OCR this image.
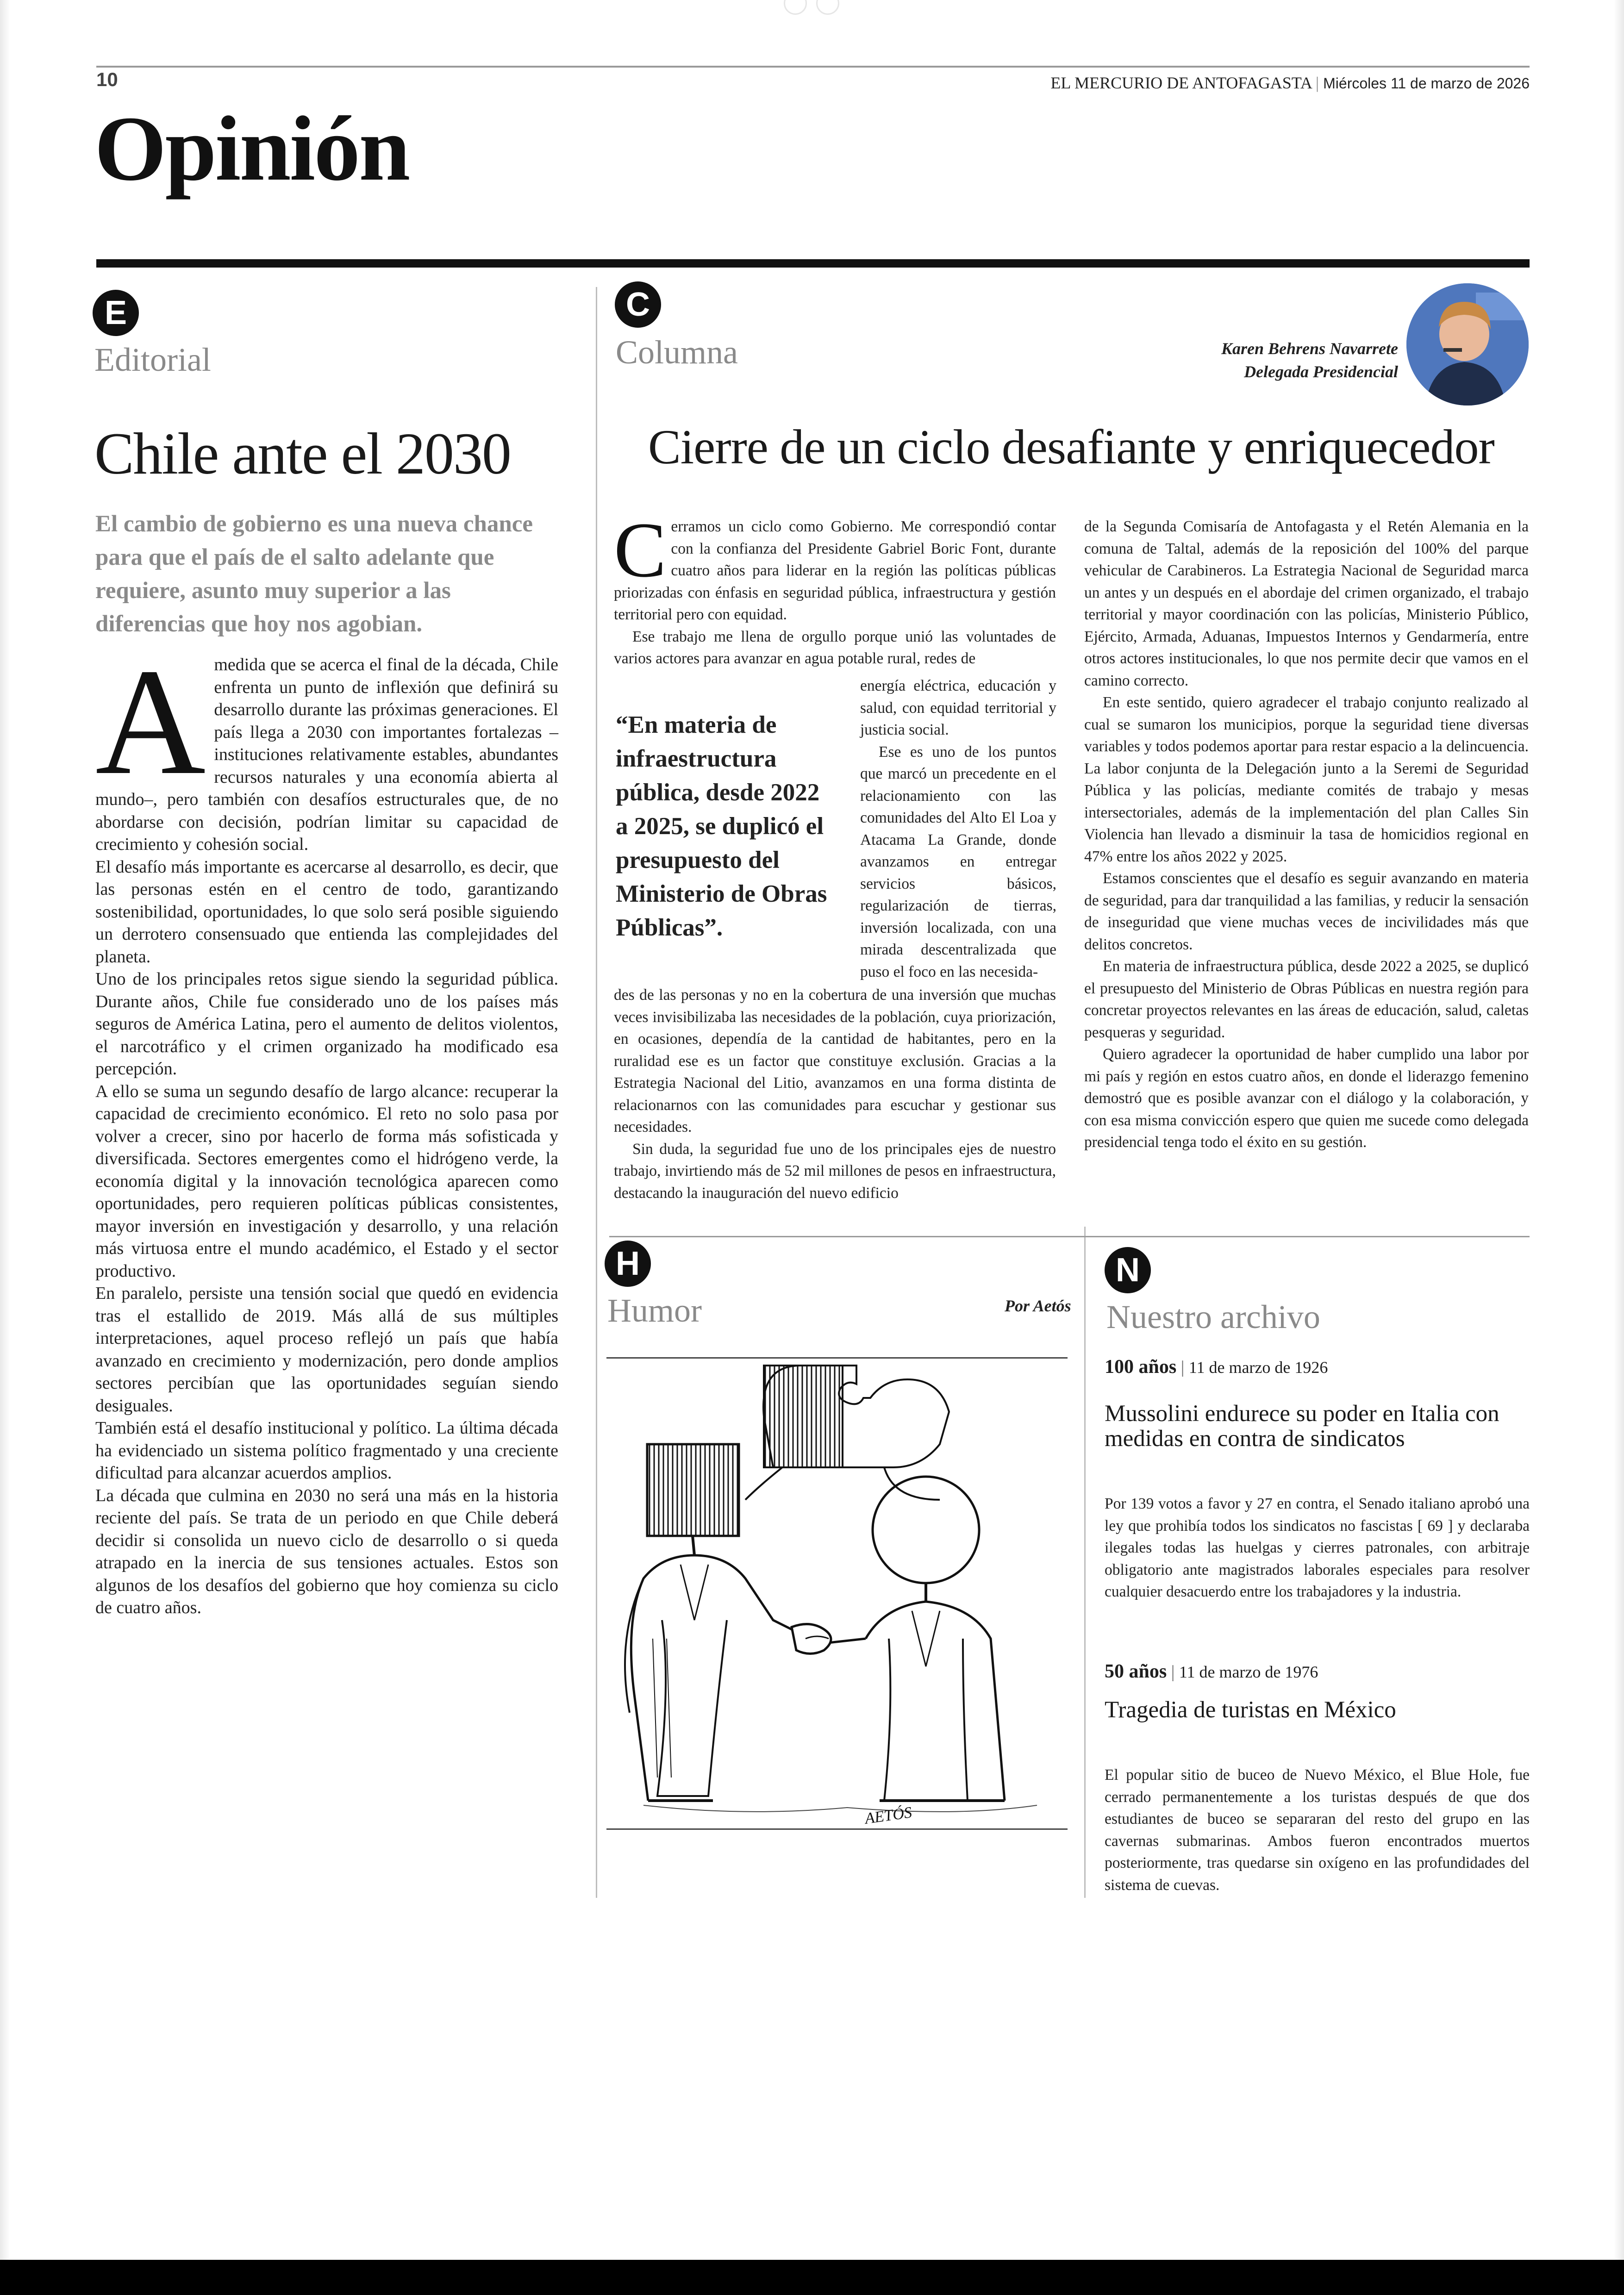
10	EL MERCURIO DE ANTOFAGASTA | Miércoles 11 de marzo de 2026
Opinión
E
Editorial
Chile ante el 2030
El cambio de gobierno es una nueva chance para que el país de el salto adelante que requiere, asunto muy superior a las diferencias que hoy nos agobian.
A medida que se acerca el final de la década, Chile enfrenta un punto de inflexión que definirá su desarrollo durante las próximas generaciones. El país llega a 2030 con importantes fortalezas –instituciones relativamente estables, abundantes recursos naturales y una economía abierta al mundo–, pero también con desafíos estructurales que, de no abordarse con decisión, podrían limitar su capacidad de crecimiento y cohesión social.

El desafío más importante es acercarse al desarrollo, es decir, que las personas estén en el centro de todo, garantizando sostenibilidad, oportunidades, lo que solo será posible siguiendo un derrotero consensuado que entienda las complejidades del planeta.

Uno de los principales retos sigue siendo la seguridad pública. Durante años, Chile fue considerado uno de los países más seguros de América Latina, pero el aumento de delitos violentos, el narcotráfico y el crimen organizado ha modificado esa percepción.

A ello se suma un segundo desafío de largo alcance: recuperar la capacidad de crecimiento económico. El reto no solo pasa por volver a crecer, sino por hacerlo de forma más sofisticada y diversificada. Sectores emergentes como el hidrógeno verde, la economía digital y la innovación tecnológica aparecen como oportunidades, pero requieren políticas públicas consistentes, mayor inversión en investigación y desarrollo, y una relación más virtuosa entre el mundo académico, el Estado y el sector productivo.

En paralelo, persiste una tensión social que quedó en evidencia tras el estallido de 2019. Más allá de sus múltiples interpretaciones, aquel proceso reflejó un país que había avanzado en crecimiento y modernización, pero donde amplios sectores percibían que las oportunidades seguían siendo desiguales.

También está el desafío institucional y político. La última década ha evidenciado un sistema político fragmentado y una creciente dificultad para alcanzar acuerdos amplios.

La década que culmina en 2030 no será una más en la historia reciente del país. Se trata de un periodo en que Chile deberá decidir si consolida un nuevo ciclo de desarrollo o si queda atrapado en la inercia de sus tensiones actuales. Estos son algunos de los desafíos del gobierno que hoy comienza su ciclo de cuatro años.

C
Columna	Karen Behrens Navarrete
Delegada Presidencial
Cierre de un ciclo desafiante y enriquecedor
C erramos un ciclo como Gobierno. Me correspondió contar con la confianza del Presidente Gabriel Boric Font, durante cuatro años para liderar en la región las políticas públicas priorizadas con énfasis en seguridad pública, infraestructura y gestión territorial pero con equidad.

Ese trabajo me llena de orgullo porque unió las voluntades de varios actores para avanzar en agua potable rural, redes de

“En materia de infraestructura pública, desde 2022 a 2025, se duplicó el presupuesto del Ministerio de Obras Públicas”.

energía eléctrica, educación y salud, con equidad territorial y justicia social.

Ese es uno de los puntos que marcó un precedente en el relacionamiento con las comunidades del Alto El Loa y Atacama La Grande, donde avanzamos en entregar servicios básicos, regularización de tierras, inversión localizada, con una mirada descentralizada que puso el foco en las necesida-

des de las personas y no en la cobertura de una inversión que muchas veces invisibilizaba las necesidades de la población, cuya priorización, en ocasiones, dependía de la cantidad de habitantes, pero en la ruralidad ese es un factor que constituye exclusión. Gracias a la Estrategia Nacional del Litio, avanzamos en una forma distinta de relacionarnos con las comunidades para escuchar y gestionar sus necesidades.

Sin duda, la seguridad fue uno de los principales ejes de nuestro trabajo, invirtiendo más de 52 mil millones de pesos en infraestructura, destacando la inauguración del nuevo edificio

de la Segunda Comisaría de Antofagasta y el Retén Alemania en la comuna de Taltal, además de la reposición del 100% del parque vehicular de Carabineros. La Estrategia Nacional de Seguridad marca un antes y un después en el abordaje del crimen organizado, el trabajo territorial y mayor coordinación con las policías, Ministerio Público, Ejército, Armada, Aduanas, Impuestos Internos y Gendarmería, entre otros actores institucionales, lo que nos permite decir que vamos en el camino correcto.

En este sentido, quiero agradecer el trabajo conjunto realizado al cual se sumaron los municipios, porque la seguridad tiene diversas variables y todos podemos aportar para restar espacio a la delincuencia. La labor conjunta de la Delegación junto a la Seremi de Seguridad Pública y las policías, mediante comités de trabajo y mesas intersectoriales, además de la implementación del plan Calles Sin Violencia han llevado a disminuir la tasa de homicidios regional en 47% entre los años 2022 y 2025.

Estamos conscientes que el desafío es seguir avanzando en materia de seguridad, para dar tranquilidad a las familias, y reducir la sensación de inseguridad que viene muchas veces de incivilidades más que delitos concretos.

En materia de infraestructura pública, desde 2022 a 2025, se duplicó el presupuesto del Ministerio de Obras Públicas en nuestra región para concretar proyectos relevantes en las áreas de educación, salud, caletas pesqueras y seguridad.

Quiero agradecer la oportunidad de haber cumplido una labor por mi país y región en estos cuatro años, en donde el liderazgo femenino demostró que es posible avanzar con el diálogo y la colaboración, y con esa misma convicción espero que quien me sucede como delegada presidencial tenga todo el éxito en su gestión.

H
Humor	Por Aetós
AETÓS
N
Nuestro archivo
100 años | 11 de marzo de 1926
Mussolini endurece su poder en Italia con medidas en contra de sindicatos
Por 139 votos a favor y 27 en contra, el Senado italiano aprobó una ley que prohibía todos los sindicatos no fascistas [ 69 ] y declaraba ilegales todas las huelgas y cierres patronales, con arbitraje obligatorio ante magistrados laborales especiales para resolver cualquier desacuerdo entre los trabajadores y la industria.
50 años | 11 de marzo de 1976
Tragedia de turistas en México
El popular sitio de buceo de Nuevo México, el Blue Hole, fue cerrado permanentemente a los turistas después de que dos estudiantes de buceo se separaran del resto del grupo en las cavernas submarinas. Ambos fueron encontrados muertos posteriormente, tras quedarse sin oxígeno en las profundidades del sistema de cuevas.
